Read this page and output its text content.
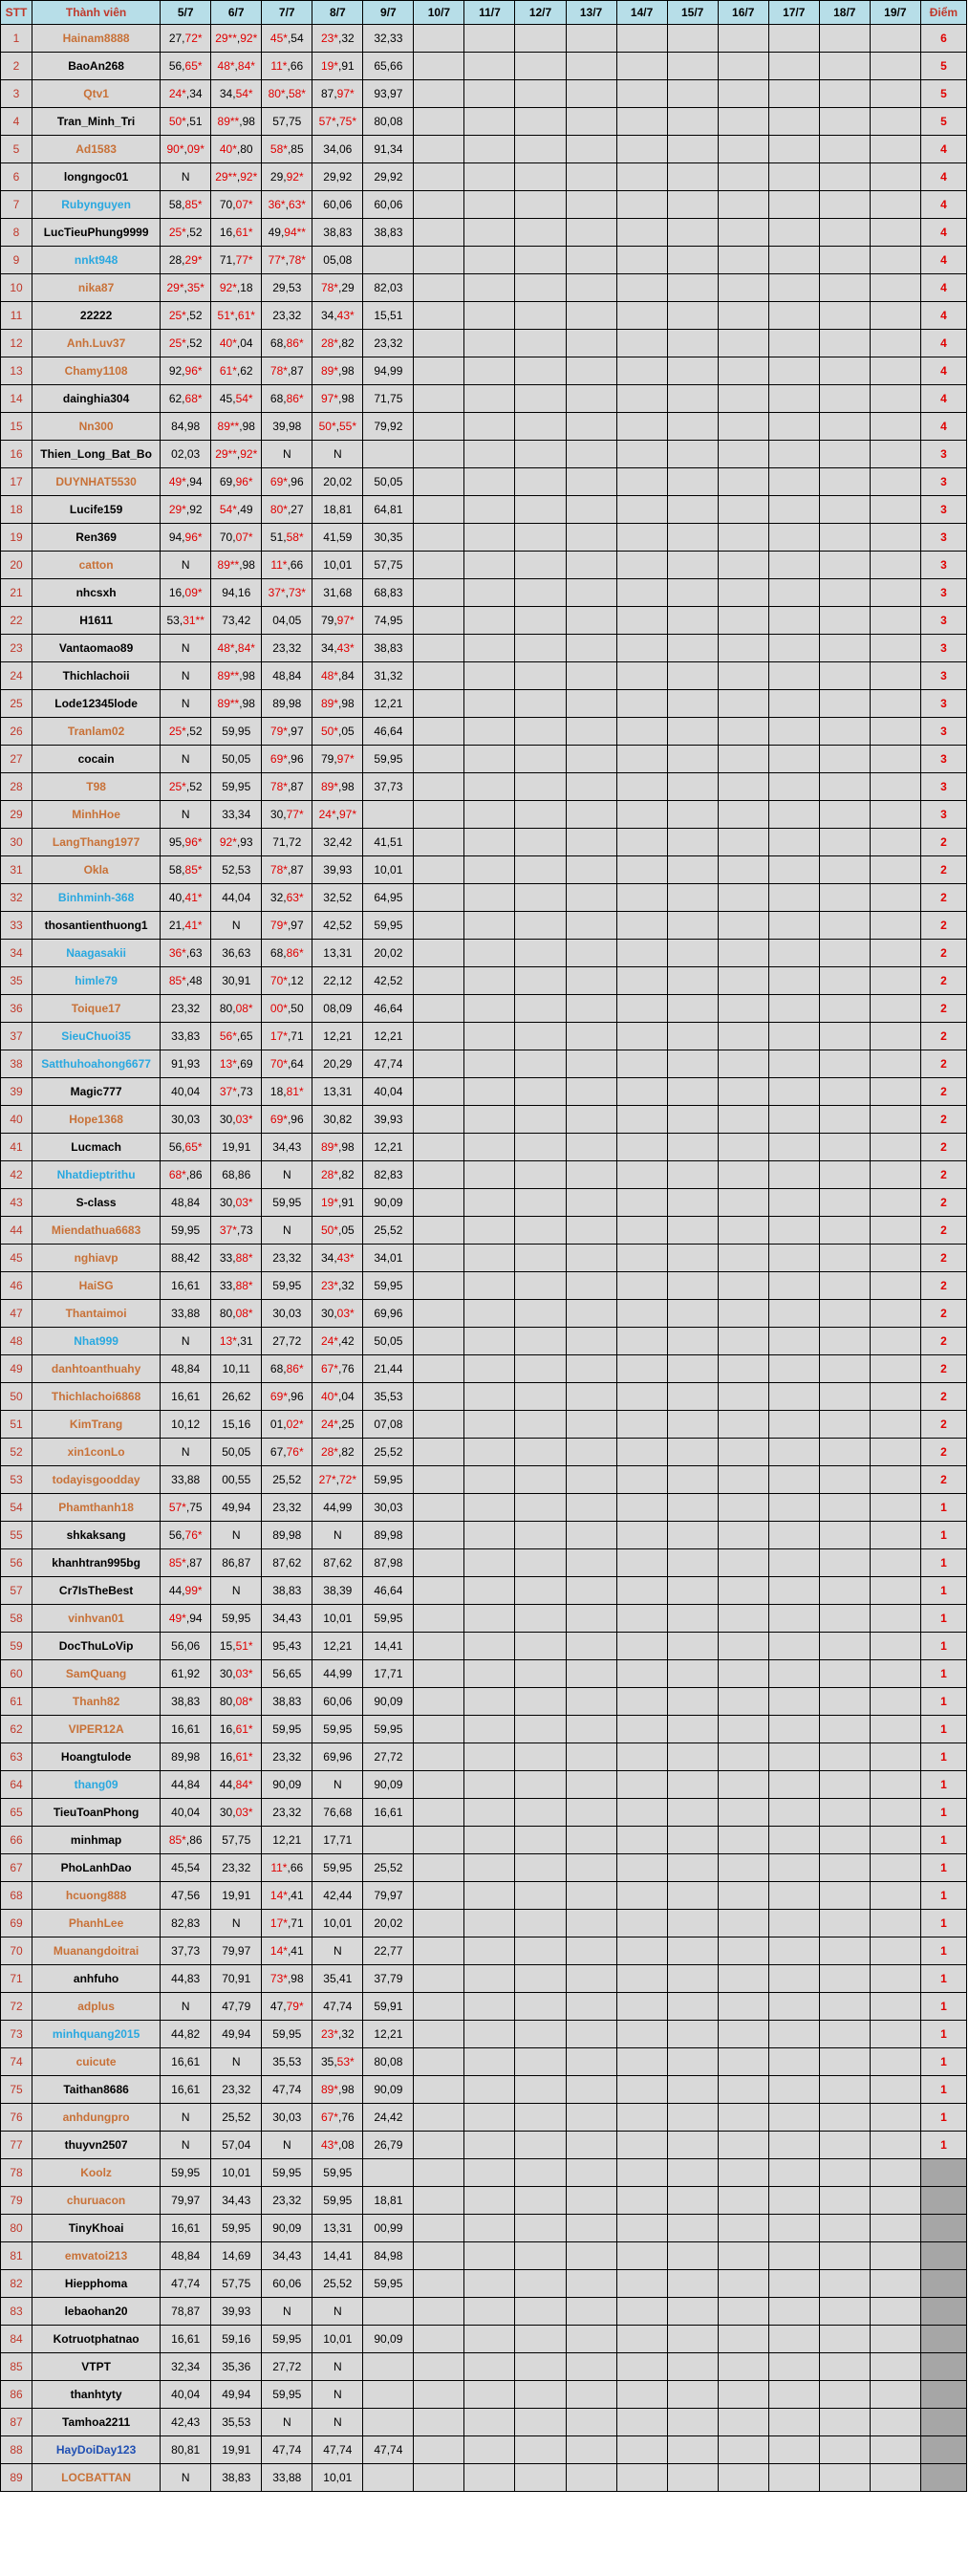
STT	Thành viên	5/7	6/7	7/7	8/7	9/7	10/7	11/7	12/7	13/7	14/7	15/7	16/7	17/7	18/7	19/7	Điểm
1	Hainam8888	27,72*	29**,92*	45*,54	23*,32	32,33											6
2	BaoAn268	56,65*	48*,84*	11*,66	19*,91	65,66											5
3	Qtv1	24*,34	34,54*	80*,58*	87,97*	93,97											5
4	Tran_Minh_Tri	50*,51	89**,98	57,75	57*,75*	80,08											5
5	Ad1583	90*,09*	40*,80	58*,85	34,06	91,34											4
6	longngoc01	N	29**,92*	29,92*	29,92	29,92											4
7	Rubynguyen	58,85*	70,07*	36*,63*	60,06	60,06											4
8	LucTieuPhung9999	25*,52	16,61*	49,94**	38,83	38,83											4
9	nnkt948	28,29*	71,77*	77*,78*	05,08												4
10	nika87	29*,35*	92*,18	29,53	78*,29	82,03											4
11	22222	25*,52	51*,61*	23,32	34,43*	15,51											4
12	Anh.Luv37	25*,52	40*,04	68,86*	28*,82	23,32											4
13	Chamy1108	92,96*	61*,62	78*,87	89*,98	94,99											4
14	dainghia304	62,68*	45,54*	68,86*	97*,98	71,75											4
15	Nn300	84,98	89**,98	39,98	50*,55*	79,92											4
16	Thien_Long_Bat_Bo	02,03	29**,92*	N	N												3
17	DUYNHAT5530	49*,94	69,96*	69*,96	20,02	50,05											3
18	Lucife159	29*,92	54*,49	80*,27	18,81	64,81											3
19	Ren369	94,96*	70,07*	51,58*	41,59	30,35											3
20	catton	N	89**,98	11*,66	10,01	57,75											3
21	nhcsxh	16,09*	94,16	37*,73*	31,68	68,83											3
22	H1611	53,31**	73,42	04,05	79,97*	74,95											3
23	Vantaomao89	N	48*,84*	23,32	34,43*	38,83											3
24	Thichlachoii	N	89**,98	48,84	48*,84	31,32											3
25	Lode12345lode	N	89**,98	89,98	89*,98	12,21											3
26	Tranlam02	25*,52	59,95	79*,97	50*,05	46,64											3
27	cocain	N	50,05	69*,96	79,97*	59,95											3
28	T98	25*,52	59,95	78*,87	89*,98	37,73											3
29	MinhHoe	N	33,34	30,77*	24*,97*												3
30	LangThang1977	95,96*	92*,93	71,72	32,42	41,51											2
31	Okla	58,85*	52,53	78*,87	39,93	10,01											2
32	Binhminh-368	40,41*	44,04	32,63*	32,52	64,95											2
33	thosantienthuong1	21,41*	N	79*,97	42,52	59,95											2
34	Naagasakii	36*,63	36,63	68,86*	13,31	20,02											2
35	himle79	85*,48	30,91	70*,12	22,12	42,52											2
36	Toique17	23,32	80,08*	00*,50	08,09	46,64											2
37	SieuChuoi35	33,83	56*,65	17*,71	12,21	12,21											2
38	Satthuhoahong6677	91,93	13*,69	70*,64	20,29	47,74											2
39	Magic777	40,04	37*,73	18,81*	13,31	40,04											2
40	Hope1368	30,03	30,03*	69*,96	30,82	39,93											2
41	Lucmach	56,65*	19,91	34,43	89*,98	12,21											2
42	Nhatdieptrithu	68*,86	68,86	N	28*,82	82,83											2
43	S-class	48,84	30,03*	59,95	19*,91	90,09											2
44	Miendathua6683	59,95	37*,73	N	50*,05	25,52											2
45	nghiavp	88,42	33,88*	23,32	34,43*	34,01											2
46	HaiSG	16,61	33,88*	59,95	23*,32	59,95											2
47	Thantaimoi	33,88	80,08*	30,03	30,03*	69,96											2
48	Nhat999	N	13*,31	27,72	24*,42	50,05											2
49	danhtoanthuahy	48,84	10,11	68,86*	67*,76	21,44											2
50	Thichlachoi6868	16,61	26,62	69*,96	40*,04	35,53											2
51	KimTrang	10,12	15,16	01,02*	24*,25	07,08											2
52	xin1conLo	N	50,05	67,76*	28*,82	25,52											2
53	todayisgoodday	33,88	00,55	25,52	27*,72*	59,95											2
54	Phamthanh18	57*,75	49,94	23,32	44,99	30,03											1
55	shkaksang	56,76*	N	89,98	N	89,98											1
56	khanhtran995bg	85*,87	86,87	87,62	87,62	87,98											1
57	Cr7IsTheBest	44,99*	N	38,83	38,39	46,64											1
58	vinhvan01	49*,94	59,95	34,43	10,01	59,95											1
59	DocThuLoVip	56,06	15,51*	95,43	12,21	14,41											1
60	SamQuang	61,92	30,03*	56,65	44,99	17,71											1
61	Thanh82	38,83	80,08*	38,83	60,06	90,09											1
62	VIPER12A	16,61	16,61*	59,95	59,95	59,95											1
63	Hoangtulode	89,98	16,61*	23,32	69,96	27,72											1
64	thang09	44,84	44,84*	90,09	N	90,09											1
65	TieuToanPhong	40,04	30,03*	23,32	76,68	16,61											1
66	minhmap	85*,86	57,75	12,21	17,71												1
67	PhoLanhDao	45,54	23,32	11*,66	59,95	25,52											1
68	hcuong888	47,56	19,91	14*,41	42,44	79,97											1
69	PhanhLee	82,83	N	17*,71	10,01	20,02											1
70	Muanangdoitrai	37,73	79,97	14*,41	N	22,77											1
71	anhfuho	44,83	70,91	73*,98	35,41	37,79											1
72	adplus	N	47,79	47,79*	47,74	59,91											1
73	minhquang2015	44,82	49,94	59,95	23*,32	12,21											1
74	cuicute	16,61	N	35,53	35,53*	80,08											1
75	Taithan8686	16,61	23,32	47,74	89*,98	90,09											1
76	anhdungpro	N	25,52	30,03	67*,76	24,42											1
77	thuyvn2507	N	57,04	N	43*,08	26,79											1
78	Koolz	59,95	10,01	59,95	59,95												
79	churuacon	79,97	34,43	23,32	59,95	18,81											
80	TinyKhoai	16,61	59,95	90,09	13,31	00,99											
81	emvatoi213	48,84	14,69	34,43	14,41	84,98											
82	Hiepphoma	47,74	57,75	60,06	25,52	59,95											
83	lebaohan20	78,87	39,93	N	N												
84	Kotruotphatnao	16,61	59,16	59,95	10,01	90,09											
85	VTPT	32,34	35,36	27,72	N												
86	thanhtyty	40,04	49,94	59,95	N												
87	Tamhoa2211	42,43	35,53	N	N												
88	HayDoiDay123	80,81	19,91	47,74	47,74	47,74											
89	LOCBATTAN	N	38,83	33,88	10,01												
